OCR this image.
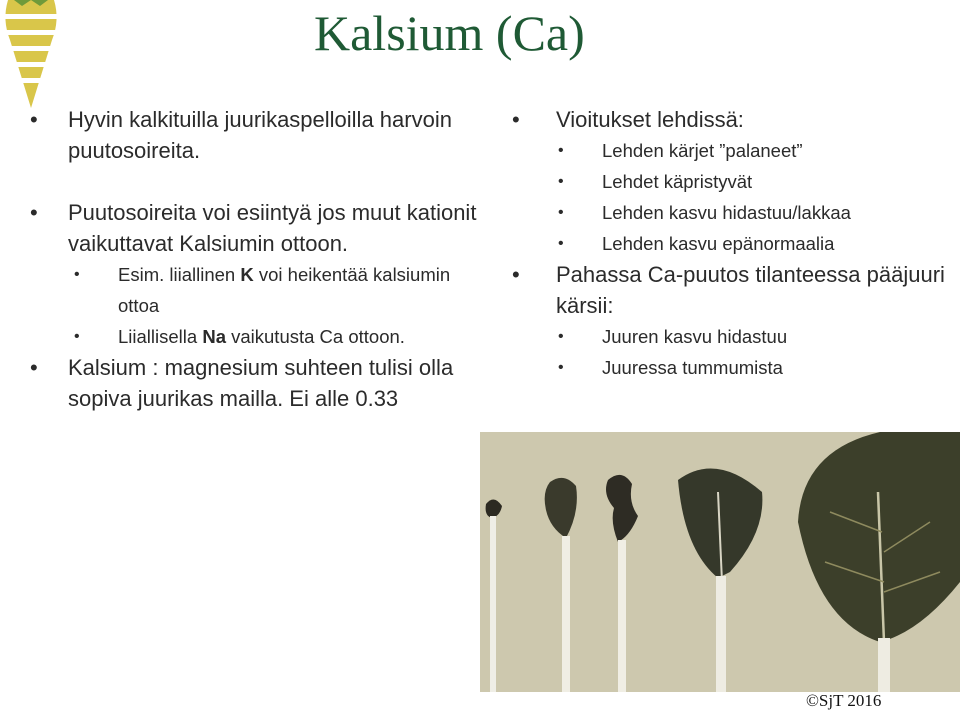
Kalsium (Ca)
• Hyvin kalkituilla juurikaspelloilla harvoin puutosoireita.
• Puutosoireita voi esiintyä jos muut kationit vaikuttavat Kalsiumin ottoon.
• Esim. liiallinen K voi heikentää kalsiumin ottoa
• Liiallisella Na vaikutusta Ca ottoon.
• Kalsium : magnesium suhteen tulisi olla sopiva juurikas mailla. Ei alle 0.33
• Vioitukset lehdissä:
• Lehden kärjet ”palaneet”
• Lehdet käpristyvät
• Lehden kasvu hidastuu/lakkaa
• Lehden kasvu epänormaalia
• Pahassa Ca-puutos tilanteessa pääjuuri kärsii:
• Juuren kasvu hidastuu
• Juuressa tummumista
©SjT 2016
